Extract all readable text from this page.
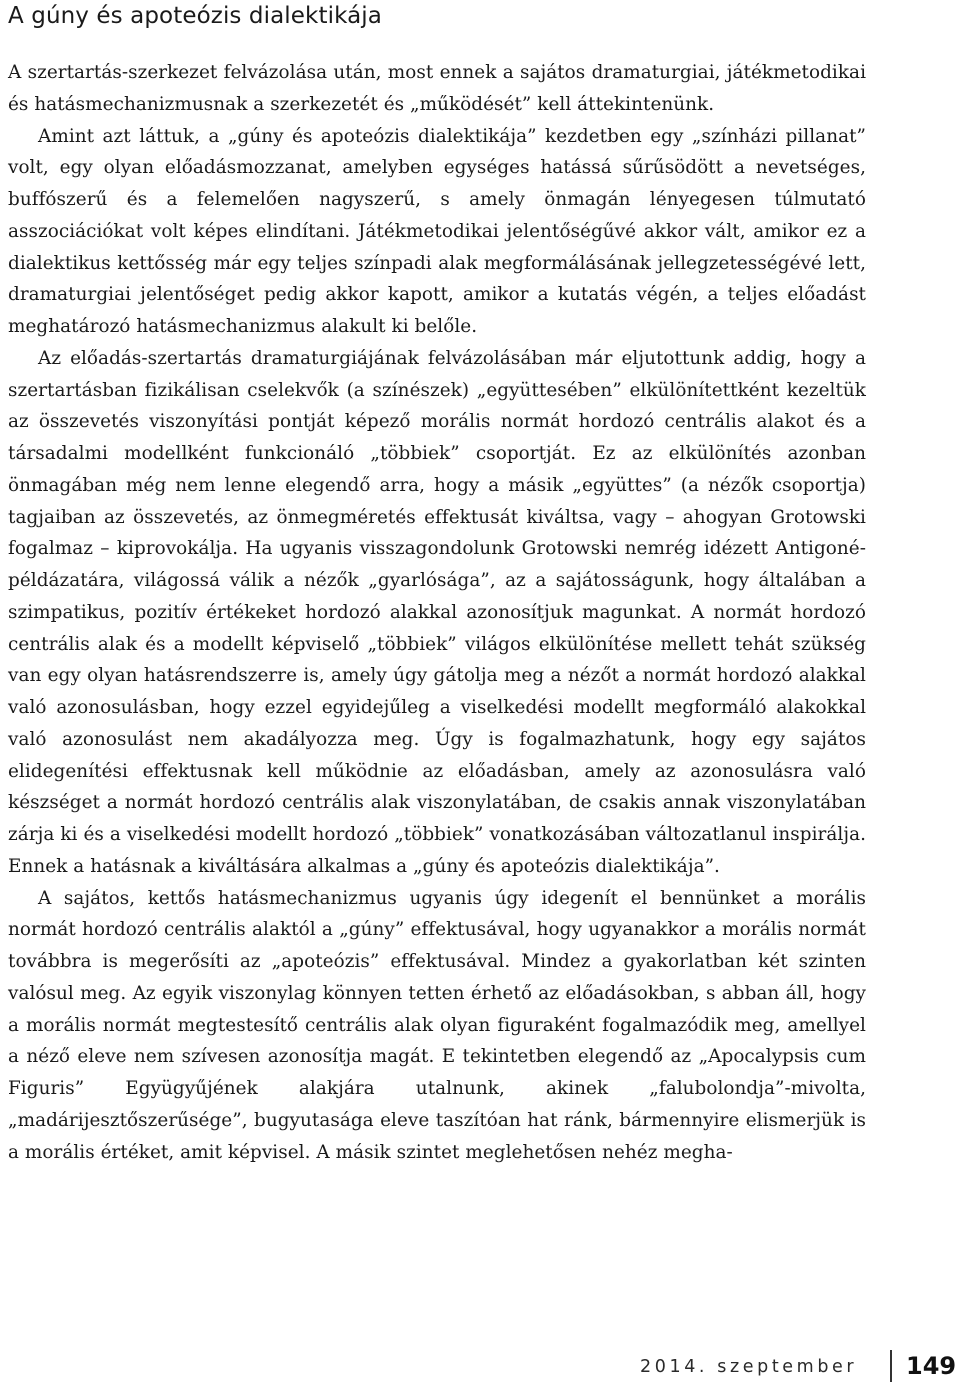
A gúny és apoteózis dialektikája

A szertartás-szerkezet felvázolása után, most ennek a sajátos dramaturgiai, játékmetodikai és hatásmechanizmusnak a szerkezetét és „működését” kell áttekintenünk.

Amint azt láttuk, a „gúny és apoteózis dialektikája” kezdetben egy „színházi pillanat” volt, egy olyan előadásmozzanat, amelyben egységes hatássá sűrűsödött a nevetséges, buffószerű és a felemelően nagyszerű, s amely önmagán lényegesen túlmutató asszociációkat volt képes elindítani. Játékmetodikai jelentőségűvé akkor vált, amikor ez a dialektikus kettősség már egy teljes színpadi alak megformálásának jellegzetességévé lett, dramaturgiai jelentőséget pedig akkor kapott, amikor a kutatás végén, a teljes előadást meghatározó hatásmechanizmus alakult ki belőle.

Az előadás-szertartás dramaturgiájának felvázolásában már eljutottunk addig, hogy a szertartásban fizikálisan cselekvők (a színészek) „együttesében” elkülönítettként kezeltük az összevetés viszonyítási pontját képező morális normát hordozó centrális alakot és a társadalmi modellként funkcionáló „többiek” csoportját. Ez az elkülönítés azonban önmagában még nem lenne elegendő arra, hogy a másik „együttes” (a nézők csoportja) tagjaiban az összevetés, az önmegméretés effektusát kiváltsa, vagy – ahogyan Grotowski fogalmaz – kiprovokálja. Ha ugyanis visszagondolunk Grotowski nemrég idézett Antigoné-példázatára, világossá válik a nézők „gyarlósága”, az a sajátosságunk, hogy általában a szimpatikus, pozitív értékeket hordozó alakkal azonosítjuk magunkat. A normát hordozó centrális alak és a modellt képviselő „többiek” világos elkülönítése mellett tehát szükség van egy olyan hatásrendszerre is, amely úgy gátolja meg a nézőt a normát hordozó alakkal való azonosulásban, hogy ezzel egyidejűleg a viselkedési modellt megformáló alakokkal való azonosulást nem akadályozza meg. Úgy is fogalmazhatunk, hogy egy sajátos elidegenítési effektusnak kell működnie az előadásban, amely az azonosulásra való készséget a normát hordozó centrális alak viszonylatában, de csakis annak viszonylatában zárja ki és a viselkedési modellt hordozó „többiek” vonatkozásában változatlanul inspirálja. Ennek a hatásnak a kiváltására alkalmas a „gúny és apoteózis dialektikája”.

A sajátos, kettős hatásmechanizmus ugyanis úgy idegenít el bennünket a morális normát hordozó centrális alaktól a „gúny” effektusával, hogy ugyanakkor a morális normát továbbra is megerősíti az „apoteózis” effektusával. Mindez a gyakorlatban két szinten valósul meg. Az egyik viszonylag könnyen tetten érhető az előadásokban, s abban áll, hogy a morális normát megtestesítő centrális alak olyan figuraként fogalmazódik meg, amellyel a néző eleve nem szívesen azonosítja magát. E tekintetben elegendő az „Apocalypsis cum Figuris” Együgyűjének alakjára utalnunk, akinek „falubolondja”-mivolta, „madárijesztőszerűsége”, bugyutasága eleve taszítóan hat ránk, bármennyire elismerjük is a morális értéket, amit képvisel. A másik szintet meglehetősen nehéz megha-

2014. szeptember 149
